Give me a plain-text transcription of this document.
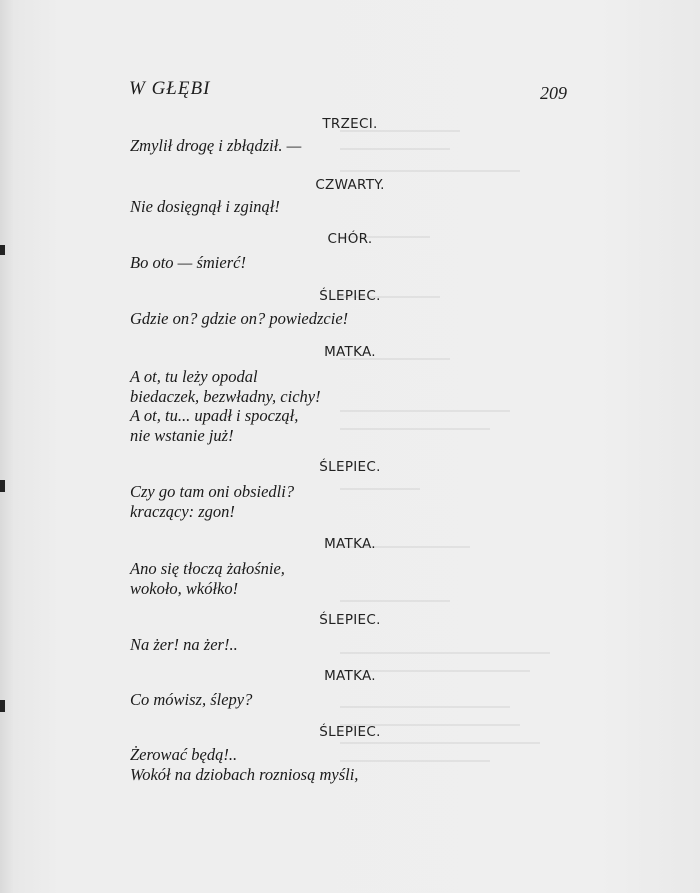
W GŁĘBI	209
TRZECI.
Zmylił drogę i zbłądził. —
CZWARTY.
Nie dosięgnął i zginął!
CHÓR.
Bo oto — śmierć!
ŚLEPIEC.
Gdzie on? gdzie on? powiedzcie!
MATKA.
A ot, tu leży opodal
biedaczek, bezwładny, cichy!
A ot, tu... upadł i spoczął,
nie wstanie już!
ŚLEPIEC.
Czy go tam oni obsiedli?
kraczący: zgon!
MATKA.
Ano się tłoczą żałośnie,
wokoło, wkółko!
ŚLEPIEC.
Na żer! na żer!..
MATKA.
Co mówisz, ślepy?
ŚLEPIEC.
Żerować będą!..
Wokół na dziobach rozniosą myśli,
